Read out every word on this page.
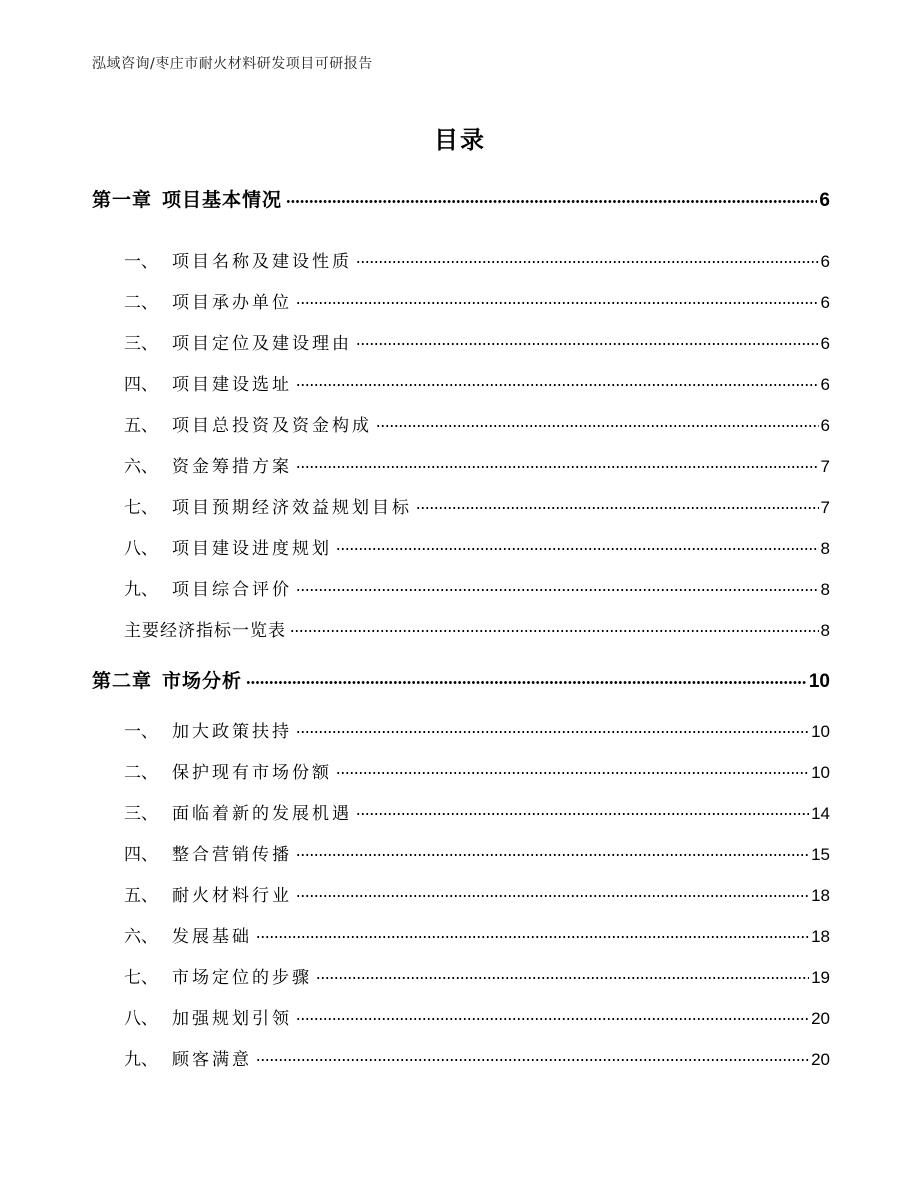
泓域咨询/枣庄市耐火材料研发项目可研报告
目录
第一章 项目基本情况	6
一、 项目名称及建设性质	6
二、 项目承办单位	6
三、 项目定位及建设理由	6
四、 项目建设选址	6
五、 项目总投资及资金构成	6
六、 资金筹措方案	7
七、 项目预期经济效益规划目标	7
八、 项目建设进度规划	8
九、 项目综合评价	8
主要经济指标一览表	8
第二章 市场分析	10
一、 加大政策扶持	10
二、 保护现有市场份额	10
三、 面临着新的发展机遇	14
四、 整合营销传播	15
五、 耐火材料行业	18
六、 发展基础	18
七、 市场定位的步骤	19
八、 加强规划引领	20
九、 顾客满意	20
